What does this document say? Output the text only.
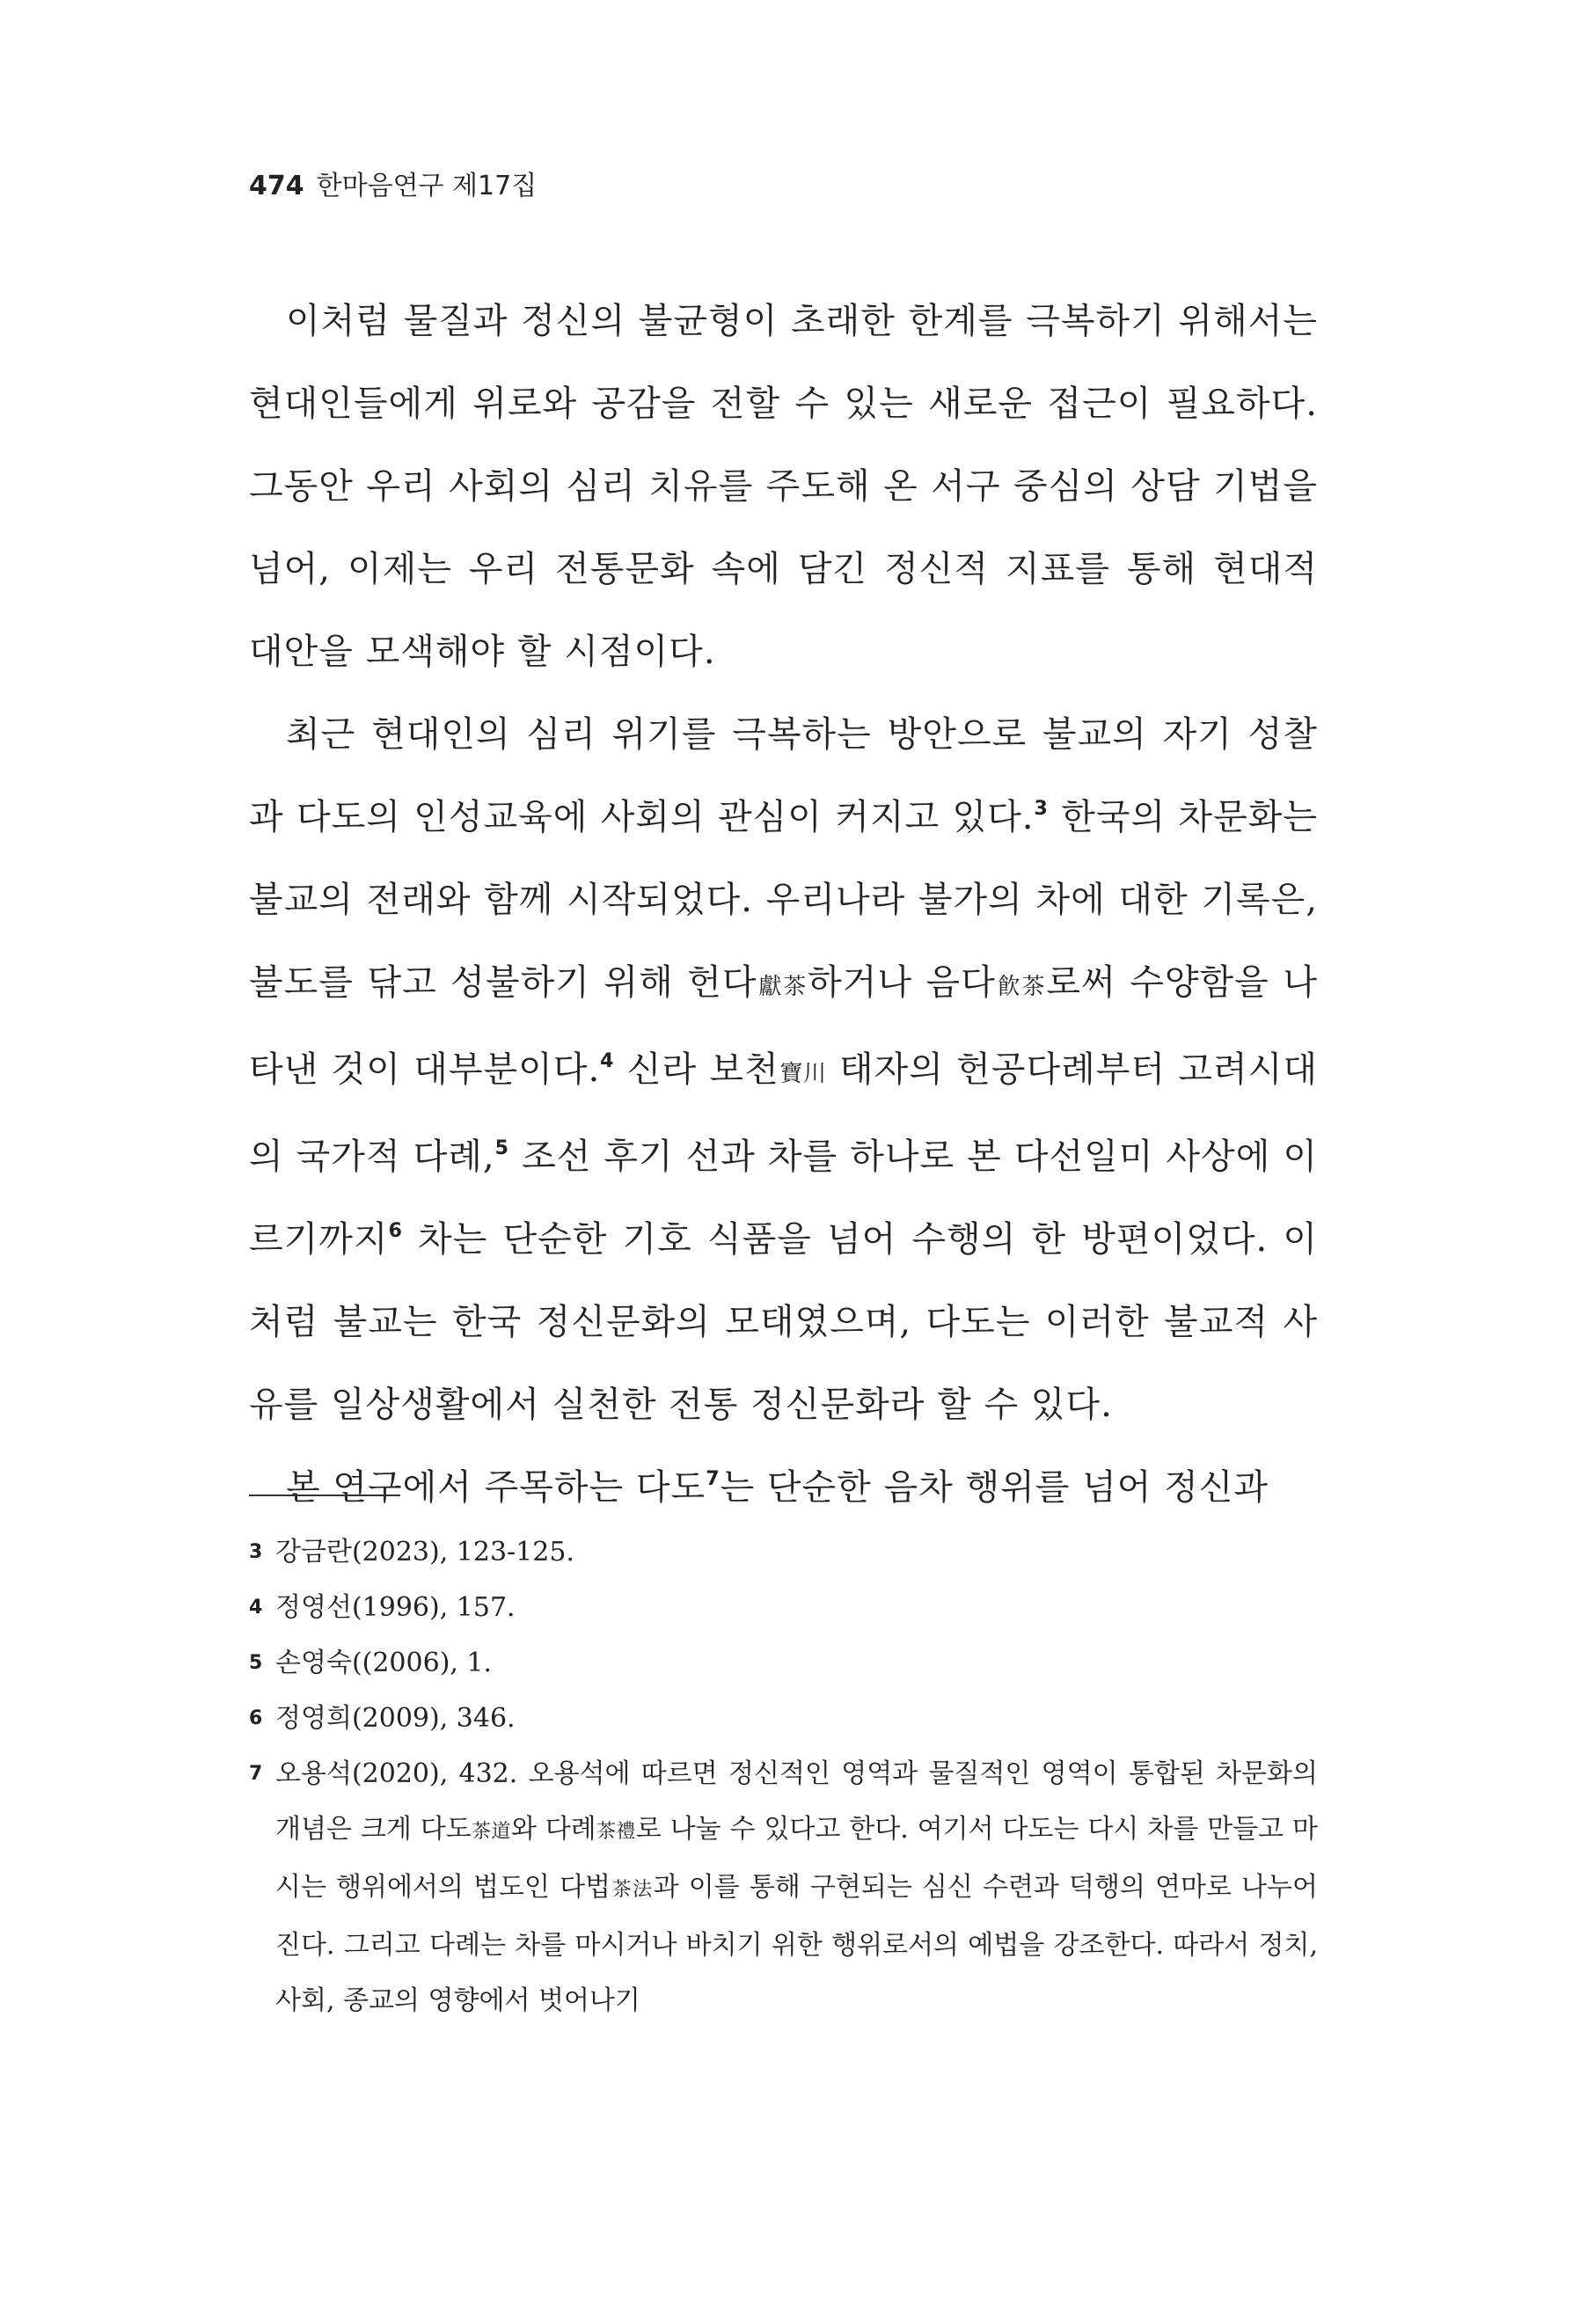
474 한마음연구 제17집

이처럼 물질과 정신의 불균형이 초래한 한계를 극복하기 위해서는 현대인들에게 위로와 공감을 전할 수 있는 새로운 접근이 필요하다. 그동안 우리 사회의 심리 치유를 주도해 온 서구 중심의 상담 기법을 넘어, 이제는 우리 전통문화 속에 담긴 정신적 지표를 통해 현대적 대안을 모색해야 할 시점이다.

최근 현대인의 심리 위기를 극복하는 방안으로 불교의 자기 성찰과 다도의 인성교육에 사회의 관심이 커지고 있다.$^3$ 한국의 차문화는 불교의 전래와 함께 시작되었다. 우리나라 불가의 차에 대한 기록은, 불도를 닦고 성불하기 위해 헌다獻茶하거나 음다飮茶로써 수양함을 나타낸 것이 대부분이다.$^4$ 신라 보천寶川 태자의 헌공다례부터 고려시대의 국가적 다례,$^5$ 조선 후기 선과 차를 하나로 본 다선일미 사상에 이르기까지$^6$ 차는 단순한 기호 식품을 넘어 수행의 한 방편이었다. 이처럼 불교는 한국 정신문화의 모태였으며, 다도는 이러한 불교적 사유를 일상생활에서 실천한 전통 정신문화라 할 수 있다.

본 연구에서 주목하는 다도$^7$는 단순한 음차 행위를 넘어 정신과

3 강금란(2023), 123-125.

4 정영선(1996), 157.

5 손영숙((2006), 1.

6 정영희(2009), 346.

7 오용석(2020), 432. 오용석에 따르면 정신적인 영역과 물질적인 영역이 통합된 차문화의 개념은 크게 다도茶道와 다례茶禮로 나눌 수 있다고 한다. 여기서 다도는 다시 차를 만들고 마시는 행위에서의 법도인 다법茶法과 이를 통해 구현되는 심신 수련과 덕행의 연마로 나누어진다. 그리고 다례는 차를 마시거나 바치기 위한 행위로서의 예법을 강조한다. 따라서 정치, 사회, 종교의 영향에서 벗어나기
